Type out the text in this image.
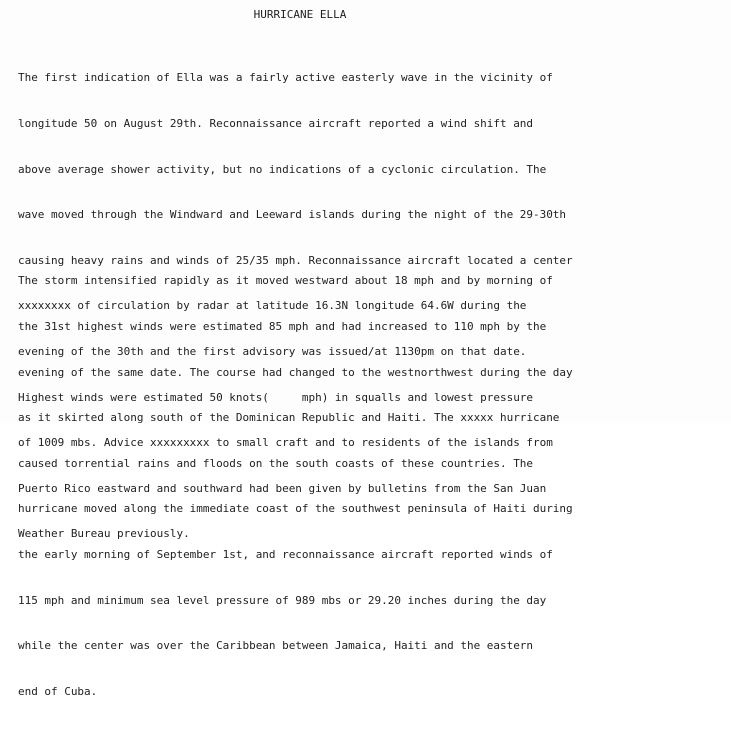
HURRICANE ELLA

The first indication of Ella was a fairly active easterly wave in the vicinity of

longitude 50 on August 29th. Reconnaissance aircraft reported a wind shift and

above average shower activity, but no indications of a cyclonic circulation. The

wave moved through the Windward and Leeward islands during the night of the 29-30th

causing heavy rains and winds of 25/35 mph. Reconnaissance aircraft located a center

xxxxxxxx of circulation by radar at latitude 16.3N longitude 64.6W during the

evening of the 30th and the first advisory was issued/at 1130pm on that date.

Highest winds were estimated 50 knots(     mph) in squalls and lowest pressure

of 1009 mbs. Advice xxxxxxxxx to small craft and to residents of the islands from

Puerto Rico eastward and southward had been given by bulletins from the San Juan

Weather Bureau previously.

The storm intensified rapidly as it moved westward about 18 mph and by morning of

the 31st highest winds were estimated 85 mph and had increased to 110 mph by the

evening of the same date. The course had changed to the westnorthwest during the day

as it skirted along south of the Dominican Republic and Haiti. The xxxxx hurricane

caused torrential rains and floods on the south coasts of these countries. The

hurricane moved along the immediate coast of the southwest peninsula of Haiti during

the early morning of September 1st, and reconnaissance aircraft reported winds of

115 mph and minimum sea level pressure of 989 mbs or 29.20 inches during the day

while the center was over the Caribbean between Jamaica, Haiti and the eastern

end of Cuba.
